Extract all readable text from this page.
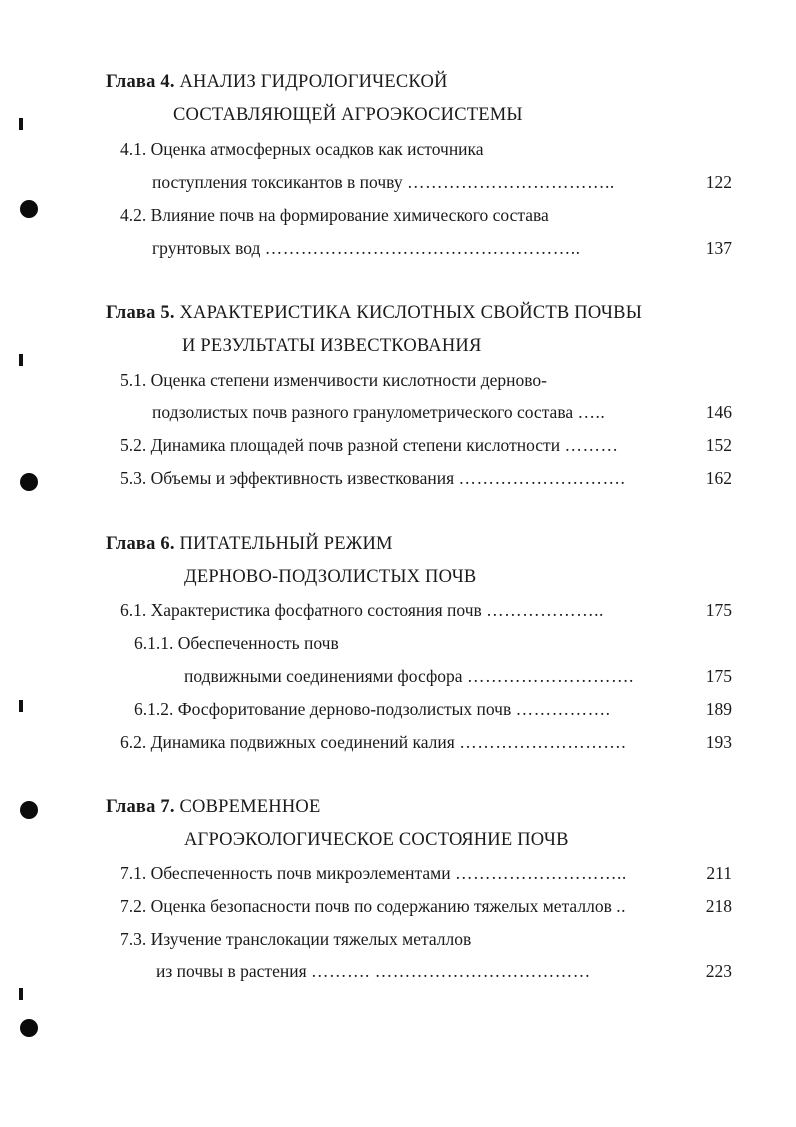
Глава 4. АНАЛИЗ ГИДРОЛОГИЧЕСКОЙ
СОСТАВЛЯЮЩЕЙ АГРОЭКОСИСТЕМЫ
4.1. Оценка атмосферных осадков как источника
поступления токсикантов в почву ……………………………..	122
4.2. Влияние почв на формирование химического состава
грунтовых вод ……………………………………………..	137
Глава 5. ХАРАКТЕРИСТИКА КИСЛОТНЫХ СВОЙСТВ ПОЧВЫ
И РЕЗУЛЬТАТЫ ИЗВЕСТКОВАНИЯ
5.1. Оценка степени изменчивости кислотности дерново-
подзолистых почв разного гранулометрического состава …..	146
5.2. Динамика площадей почв разной степени кислотности ………	152
5.3. Объемы и эффективность известкования ……………………….	162
Глава 6. ПИТАТЕЛЬНЫЙ РЕЖИМ
ДЕРНОВО-ПОДЗОЛИСТЫХ ПОЧВ
6.1. Характеристика фосфатного состояния почв ………………..	175
6.1.1. Обеспеченность почв
подвижными соединениями фосфора ……………………….	175
6.1.2. Фосфоритование дерново-подзолистых почв …………….	189
6.2. Динамика подвижных соединений калия ……………………….	193
Глава 7. СОВРЕМЕННОЕ
АГРОЭКОЛОГИЧЕСКОЕ СОСТОЯНИЕ ПОЧВ
7.1. Обеспеченность почв микроэлементами ………………………..	211
7.2. Оценка безопасности почв по содержанию тяжелых металлов ..	218
7.3. Изучение транслокации тяжелых металлов
из почвы в растения ………. ………………………………	223
